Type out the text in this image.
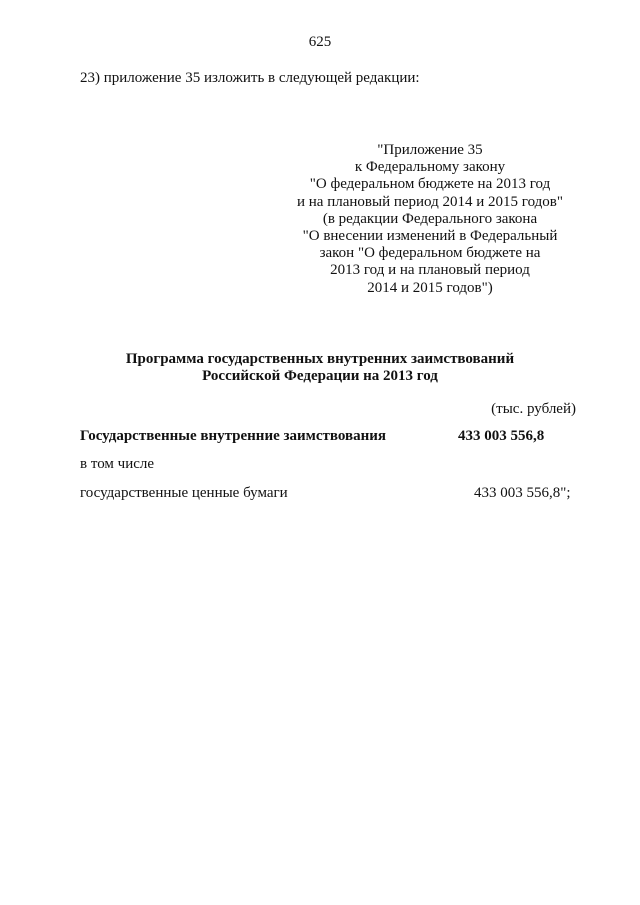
625
23) приложение 35 изложить в следующей редакции:
"Приложение 35
к Федеральному закону
"О федеральном бюджете на 2013 год
и на плановый период 2014 и 2015 годов"
(в редакции Федерального закона
"О внесении изменений в Федеральный
закон "О федеральном бюджете на
2013 год и на плановый период
2014 и 2015 годов")
Программа государственных внутренних заимствований
Российской Федерации на 2013 год
(тыс. рублей)
Государственные внутренние заимствования	433 003 556,8
в том числе
государственные ценные бумаги	433 003 556,8";
